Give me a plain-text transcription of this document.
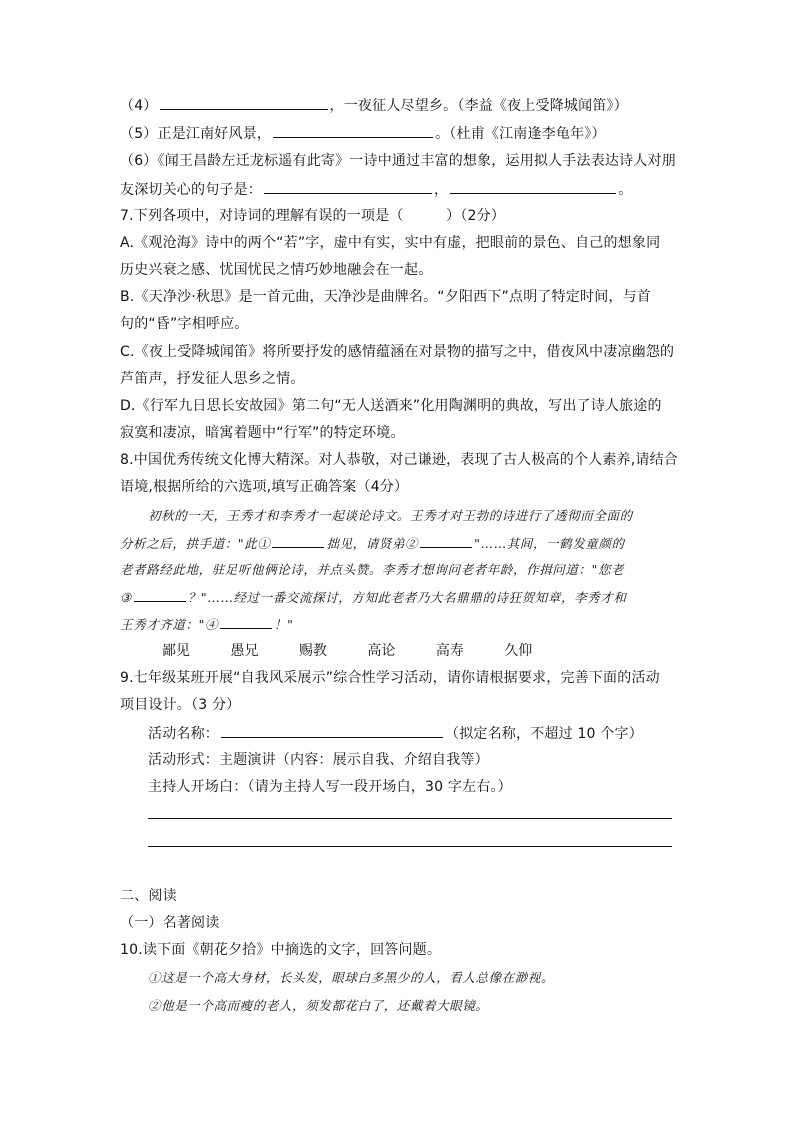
（4）	，一夜征人尽望乡。（李益《夜上受降城闻笛》）
（5）正是江南好风景，	。（杜甫《江南逢李龟年》）
（6）《闻王昌龄左迁龙标遥有此寄》一诗中通过丰富的想象，运用拟人手法表达诗人对朋
友深切关心的句子是：	，	。
7.下列各项中，对诗词的理解有误的一项是（　　　）（2分）
A.《观沧海》诗中的两个“若”字，虚中有实，实中有虚，把眼前的景色、自己的想象同
历史兴衰之感、忧国忧民之情巧妙地融会在一起。
B.《天净沙·秋思》是一首元曲，天净沙是曲牌名。“夕阳西下”点明了特定时间，与首
句的“昏”字相呼应。
C.《夜上受降城闻笛》将所要抒发的感情蕴涵在对景物的描写之中，借夜风中凄凉幽怨的
芦笛声，抒发征人思乡之情。
D.《行军九日思长安故园》第二句“无人送酒来”化用陶渊明的典故，写出了诗人旅途的
寂寞和凄凉，暗寓着题中“行军”的特定环境。
8.中国优秀传统文化博大精深。对人恭敬，对己谦逊，表现了古人极高的个人素养,请结合
语境,根据所给的六选项,填写正确答案（4分）
初秋的一天，王秀才和李秀才一起谈论诗文。王秀才对王勃的诗进行了透彻而全面的
分析之后，拱手道："此①	拙见，请贤弟②	"……其间，一鹤发童颜的
老者路经此地，驻足听他俩论诗，并点头赞。李秀才想询问老者年龄，作揖问道："您老
③	？"……经过一番交流探讨，方知此老者乃大名鼎鼎的诗狂贺知章，李秀才和
王秀才齐道："④	！"
鄙见	愚兄	赐教	高论	高寿	久仰
9.七年级某班开展“自我风采展示”综合性学习活动，请你请根据要求，完善下面的活动
项目设计。（3 分）
活动名称：	（拟定名称，不超过 10 个字）
活动形式：主题演讲（内容：展示自我、介绍自我等）
主持人开场白：（请为主持人写一段开场白，30 字左右。）
二、阅读
（一）名著阅读
10.读下面《朝花夕拾》中摘选的文字，回答问题。
①这是一个高大身材，长头发，眼球白多黑少的人，看人总像在渺视。
②他是一个高而瘦的老人，须发都花白了，还戴着大眼镜。
